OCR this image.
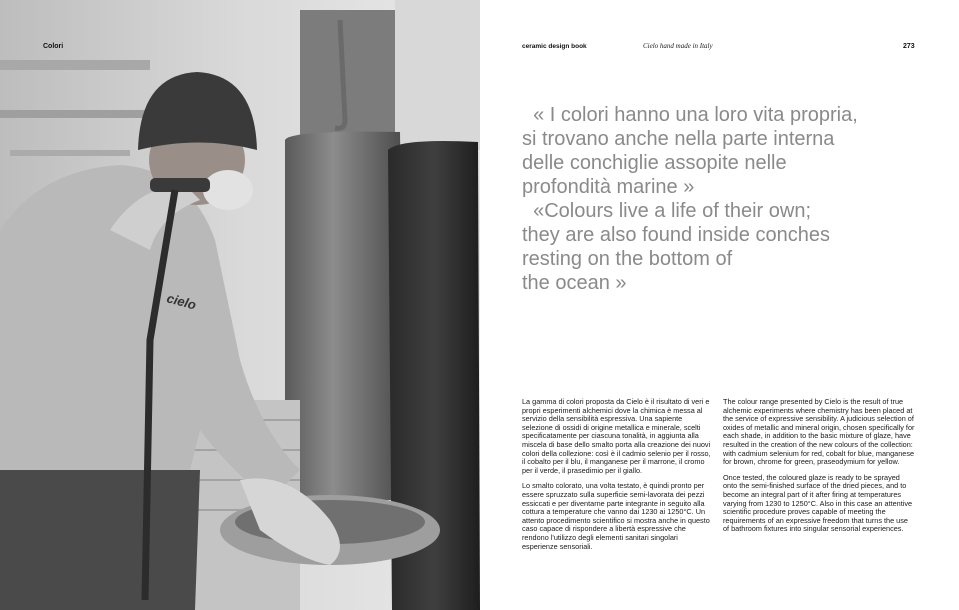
cielo
Colori	ceramic design book	Cielo hand made in Italy	273
« I colori hanno una loro vita propria,
si trovano anche nella parte interna
delle conchiglie assopite nelle
profondità marine »
«Colours live a life of their own;
they are also found inside conches
resting on the bottom of
the ocean »

La gamma di colori proposta da Cielo è il risultato di veri e propri esperimenti alchemici dove la chimica è messa al servizio della sensibilità espressiva. Una sapiente selezione di ossidi di origine metallica e minerale, scelti specificatamente per ciascuna tonalità, in aggiunta alla miscela di base dello smalto porta alla creazione dei nuovi colori della collezione: così è il cadmio selenio per il rosso, il cobalto per il blu, il manganese per il marrone, il cromo per il verde, il prasedimio per il giallo.

Lo smalto colorato, una volta testato, è quindi pronto per essere spruzzato sulla superficie semi-lavorata dei pezzi essiccati e per diventarne parte integrante in seguito alla cottura a temperature che vanno dai 1230 ai 1250°C. Un attento procedimento scientifico si mostra anche in questo caso capace di rispondere a libertà espressive che rendono l'utilizzo degli elementi sanitari singolari esperienze sensoriali.

The colour range presented by Cielo is the result of true alchemic experiments where chemistry has been placed at the service of expressive sensibility. A judicious selection of oxides of metallic and mineral origin, chosen specifically for each shade, in addition to the basic mixture of glaze, have resulted in the creation of the new colours of the collection: with cadmium selenium for red, cobalt for blue, manganese for brown, chrome for green, praseodymium for yellow.

Once tested, the coloured glaze is ready to be sprayed onto the semi-finished surface of the dried pieces, and to become an integral part of it after firing at temperatures varying from 1230 to 1250°C. Also in this case an attentive scientific procedure proves capable of meeting the requirements of an expressive freedom that turns the use of bathroom fixtures into singular sensorial experiences.
